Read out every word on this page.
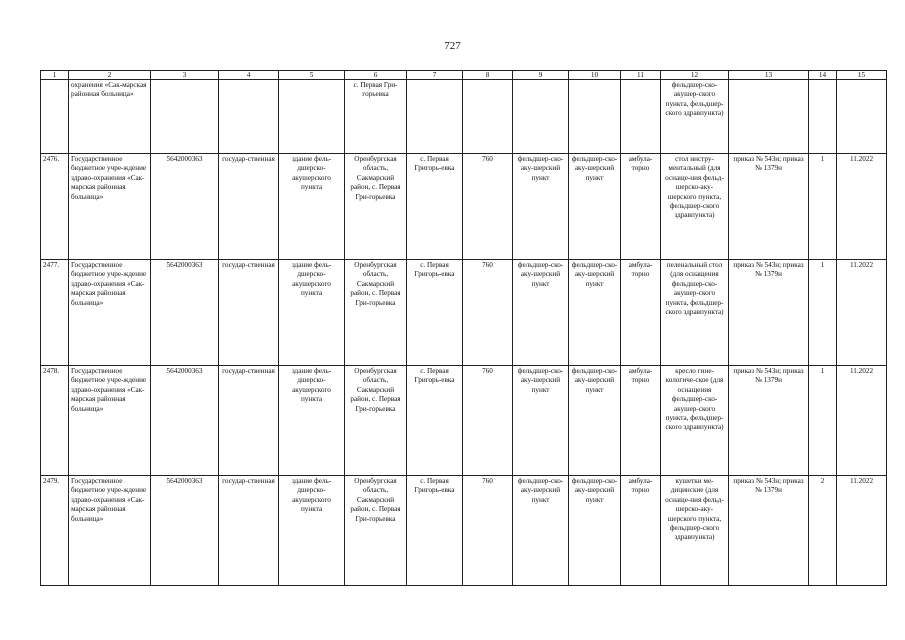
727
1	2	3	4	5	6	7	8	9	10	11	12	13	14	15
	охранения «Сак-марская районная больница»				с. Первая Гри-горьевка						фельдшер-ско-акушер-ского пункта, фельдшер-ского здравпункта)			
2476.	Государственное бюджетное учре-ждение здраво-охранения «Сак-марская районная больница»	5642000363	государ-ственная	здание фель-дшерско-акушерского пункта	Оренбургская область, Сакмарский район, с. Первая Гри-горьевка	с. Первая Григорь-евка	760	фельдшер-ско-аку-шерский пункт	фельдшер-ско-аку-шерский пункт	амбула-торно	стол инстру-ментальный (для оснаще-ния фельд-шерско-аку-шерского пункта, фельдшер-ского здравпункта)	приказ № 543н; приказ № 1379н	1	11.2022
2477.	Государственное бюджетное учре-ждение здраво-охранения «Сак-марская районная больница»	5642000363	государ-ственная	здание фель-дшерско-акушерского пункта	Оренбургская область, Сакмарский район, с. Первая Гри-горьевка	с. Первая Григорь-евка	760	фельдшер-ско-аку-шерский пункт	фельдшер-ско-аку-шерский пункт	амбула-торно	пеленальный стол (для оснащения фельдшер-ско-акушер-ского пункта, фельдшер-ского здравпункта)	приказ № 543н; приказ № 1379н	1	11.2022
2478.	Государственное бюджетное учре-ждение здраво-охранения «Сак-марская районная больница»	5642000363	государ-ственная	здание фель-дшерско-акушерского пункта	Оренбургская область, Сакмарский район, с. Первая Гри-горьевка	с. Первая Григорь-евка	760	фельдшер-ско-аку-шерский пункт	фельдшер-ско-аку-шерский пункт	амбула-торно	кресло гине-кологиче-ское (для оснащения фельдшер-ско-акушер-ского пункта, фельдшер-ского здравпункта)	приказ № 543н; приказ № 1379н	1	11.2022
2479.	Государственное бюджетное учре-ждение здраво-охранения «Сак-марская районная больница»	5642000363	государ-ственная	здание фель-дшерско-акушерского пункта	Оренбургская область, Сакмарский район, с. Первая Гри-горьевка	с. Первая Григорь-евка	760	фельдшер-ско-аку-шерский пункт	фельдшер-ско-аку-шерский пункт	амбула-торно	кушетки ме-дицинские (для оснаще-ния фельд-шерско-аку-шерского пункта, фельдшер-ского здравпункта)	приказ № 543н; приказ № 1379н	2	11.2022
